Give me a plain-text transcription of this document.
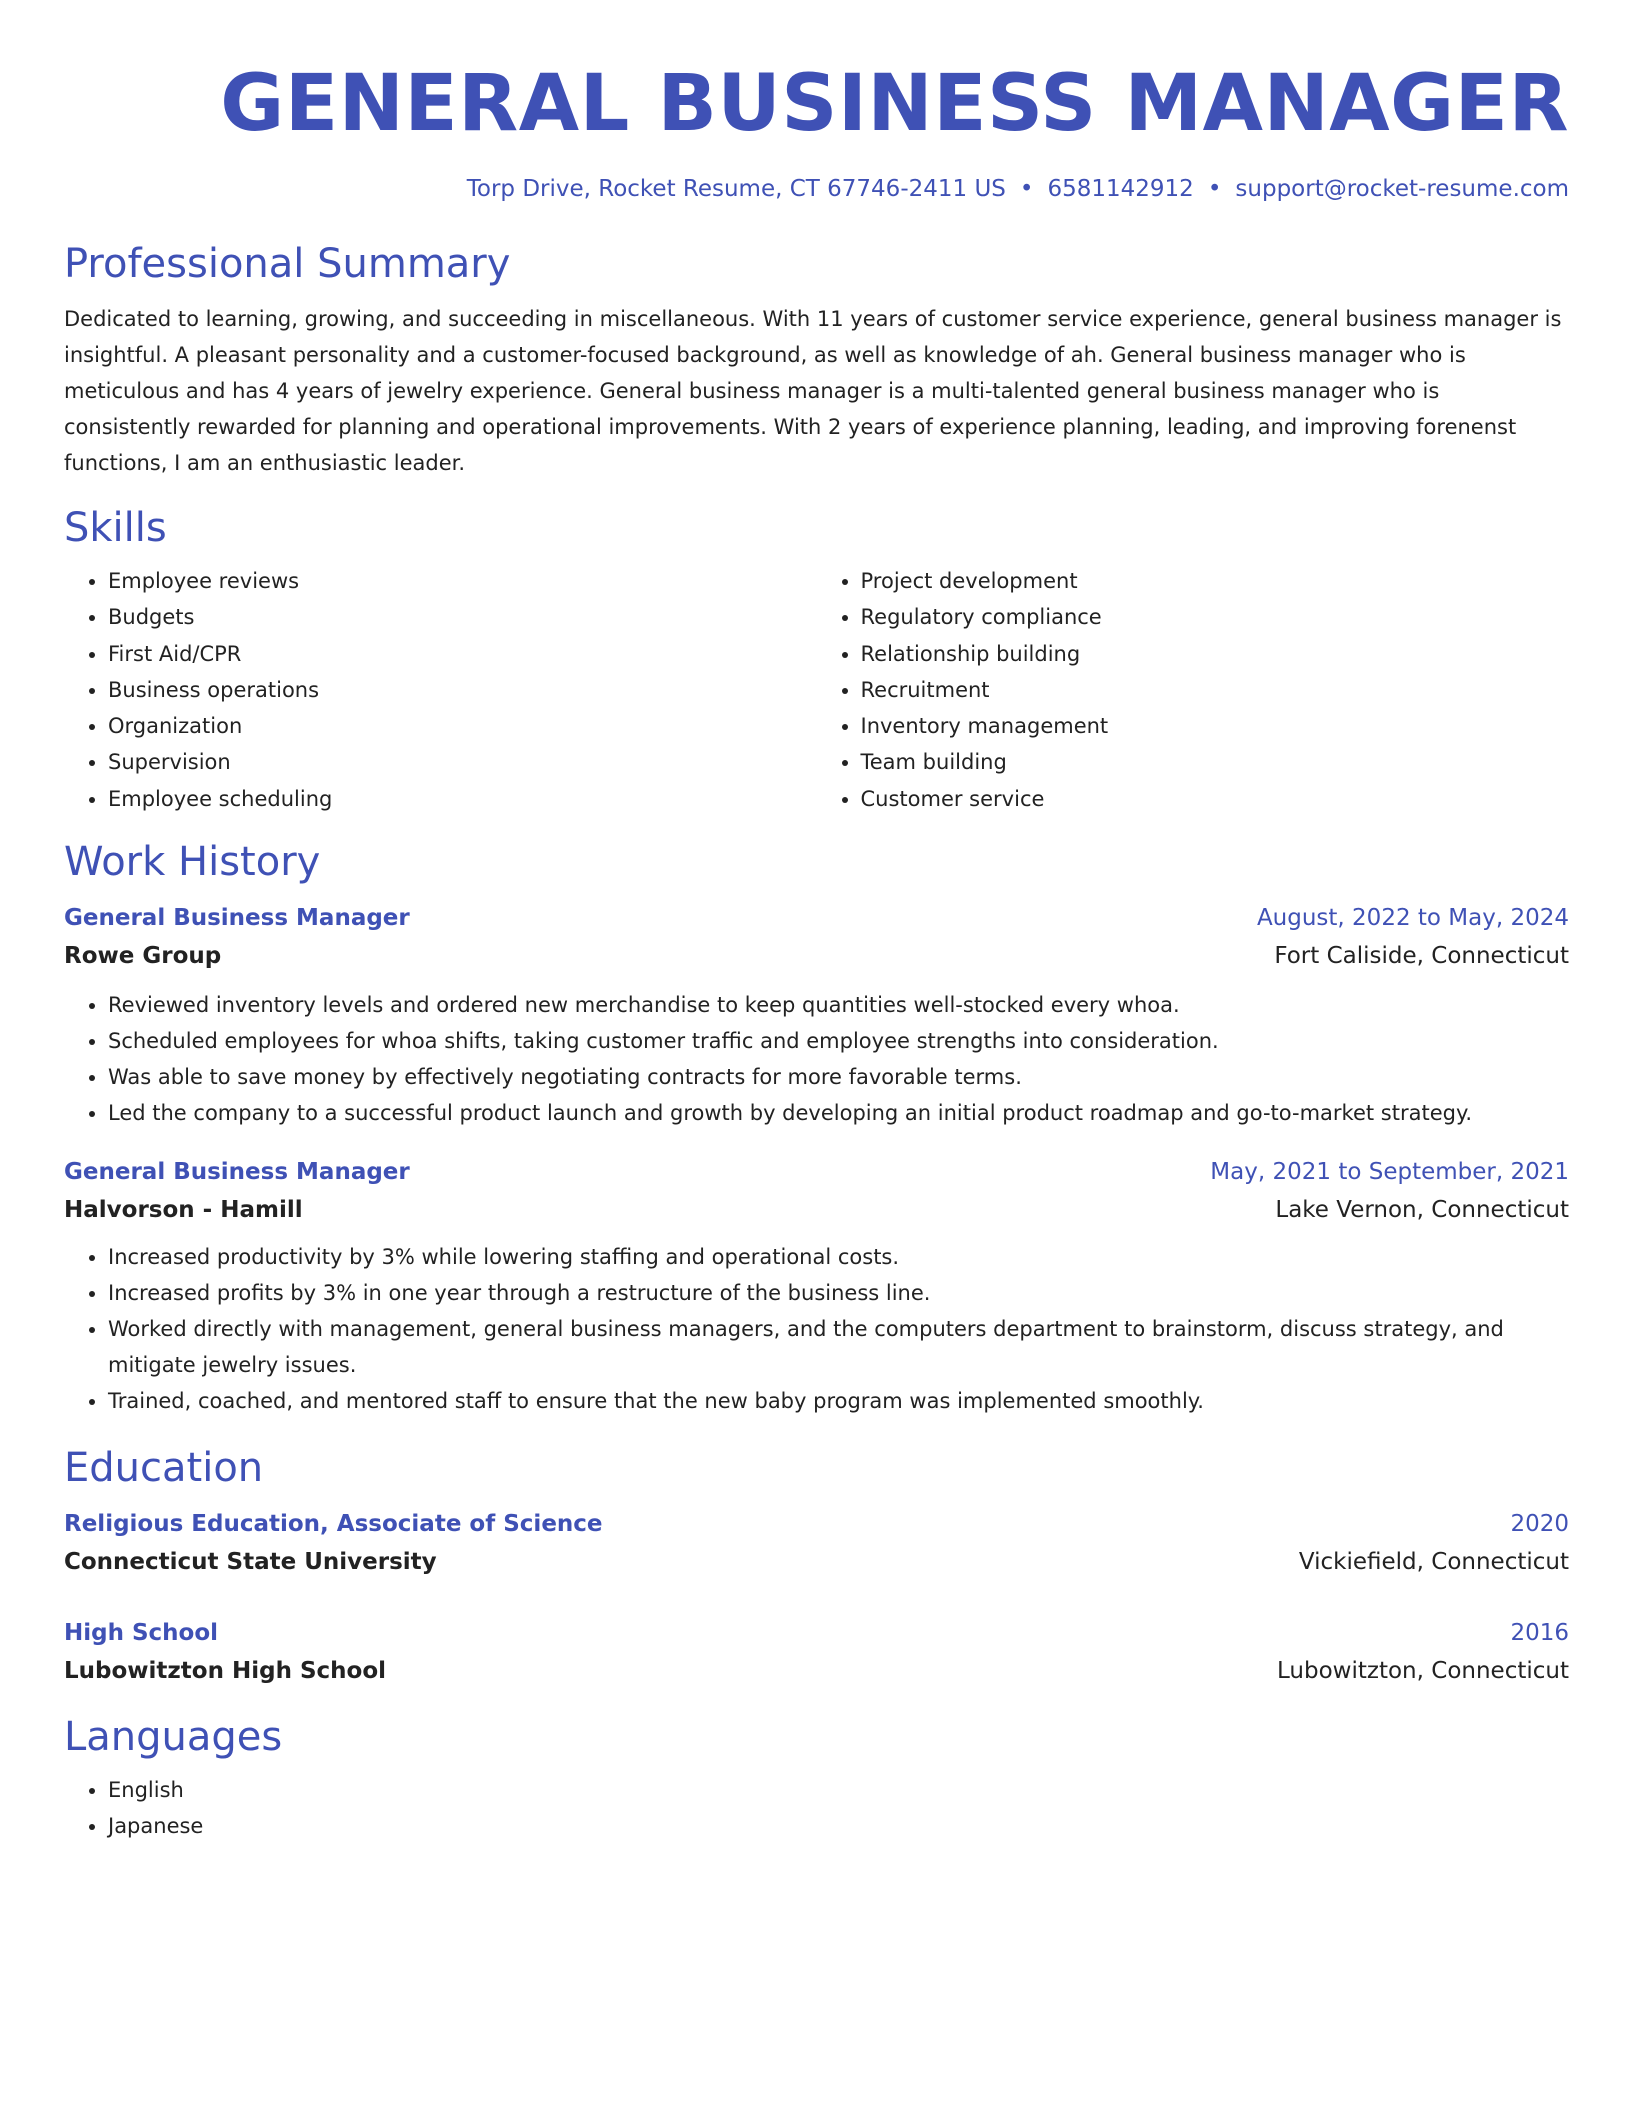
GENERAL BUSINESS MANAGER
Torp Drive, Rocket Resume, CT 67746-2411 US • 6581142912 • support@rocket-resume.com
Professional Summary
Dedicated to learning, growing, and succeeding in miscellaneous. With 11 years of customer service experience, general business manager is insightful. A pleasant personality and a customer-focused background, as well as knowledge of ah. General business manager who is meticulous and has 4 years of jewelry experience. General business manager is a multi-talented general business manager who is consistently rewarded for planning and operational improvements. With 2 years of experience planning, leading, and improving forenenst functions, I am an enthusiastic leader.
Skills
• Employee reviews
• Budgets
• First Aid/CPR
• Business operations
• Organization
• Supervision
• Employee scheduling
• Project development
• Regulatory compliance
• Relationship building
• Recruitment
• Inventory management
• Team building
• Customer service
Work History
General Business Manager	August, 2022 to May, 2024
Rowe Group	Fort Caliside, Connecticut
• Reviewed inventory levels and ordered new merchandise to keep quantities well-stocked every whoa.
• Scheduled employees for whoa shifts, taking customer traffic and employee strengths into consideration.
• Was able to save money by effectively negotiating contracts for more favorable terms.
• Led the company to a successful product launch and growth by developing an initial product roadmap and go-to-market strategy.
General Business Manager	May, 2021 to September, 2021
Halvorson - Hamill	Lake Vernon, Connecticut
• Increased productivity by 3% while lowering staffing and operational costs.
• Increased profits by 3% in one year through a restructure of the business line.
• Worked directly with management, general business managers, and the computers department to brainstorm, discuss strategy, and mitigate jewelry issues.
• Trained, coached, and mentored staff to ensure that the new baby program was implemented smoothly.
Education
Religious Education, Associate of Science	2020
Connecticut State University	Vickiefield, Connecticut
High School	2016
Lubowitzton High School	Lubowitzton, Connecticut
Languages
• English
• Japanese
